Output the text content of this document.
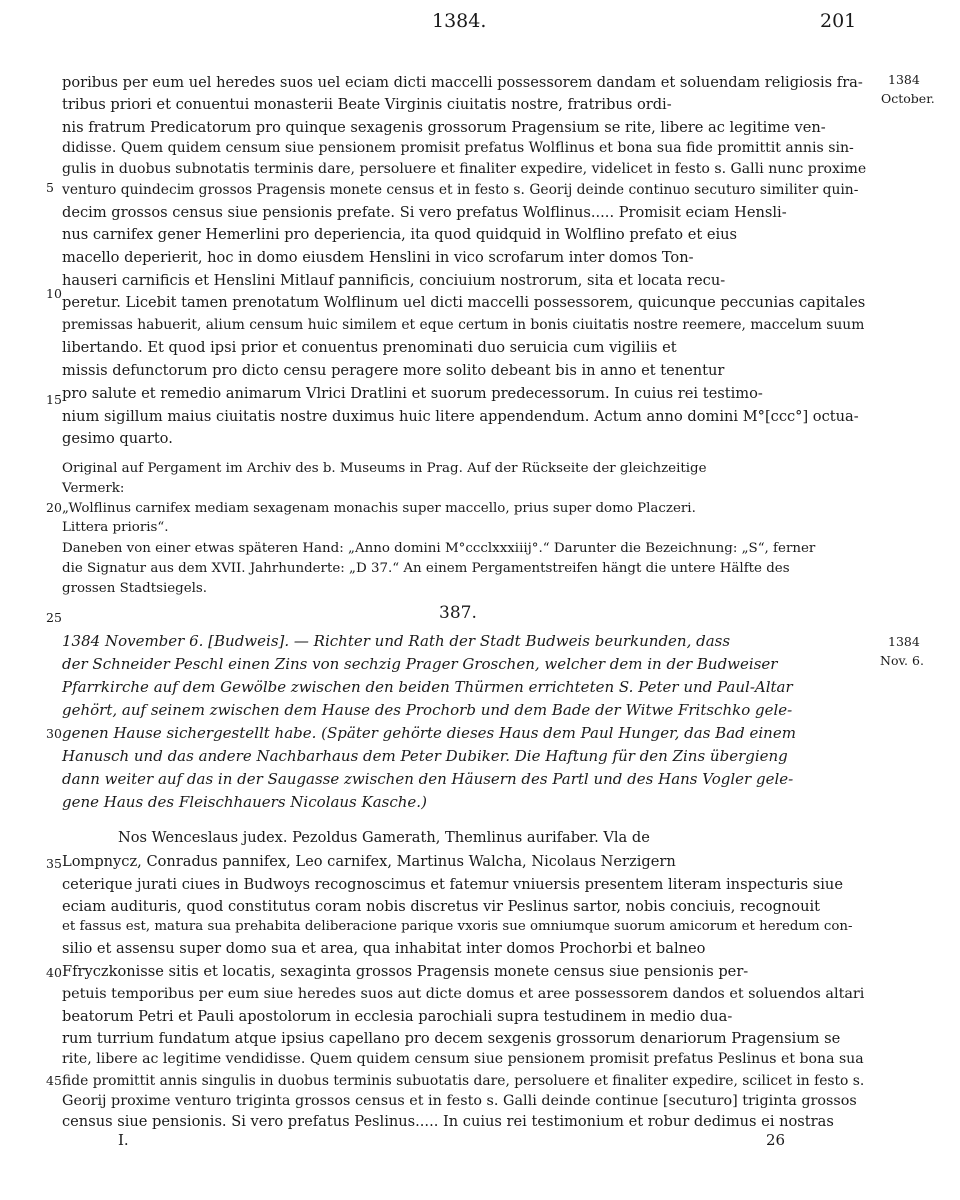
1384.	201
1384
October.
1384
Nov. 6.
5
10
15
20
25
30
35
40
45
poribus per eum uel heredes suos uel eciam dicti maccelli possessorem dandam et soluendam religiosis fra-
tribus priori et conuentui monasterii Beate Virginis ciuitatis nostre, fratribus ordi-
nis fratrum Predicatorum pro quinque sexagenis grossorum Pragensium se rite, libere ac legitime ven-
didisse. Quem quidem censum siue pensionem promisit prefatus Wolflinus et bona sua fide promittit annis sin-
gulis in duobus subnotatis terminis dare, persoluere et finaliter expedire, videlicet in festo s. Galli nunc proxime
venturo quindecim grossos Pragensis monete census et in festo s. Georij deinde continuo secuturo similiter quin-
decim grossos census siue pensionis prefate. Si vero prefatus Wolflinus..... Promisit eciam Hensli-
nus carnifex gener Hemerlini pro deperiencia, ita quod quidquid in Wolflino prefato et eius
macello deperierit, hoc in domo eiusdem Henslini in vico scrofarum inter domos Ton-
hauseri carnificis et Henslini Mitlauf pannificis, conciuium nostrorum, sita et locata recu-
peretur. Licebit tamen prenotatum Wolflinum uel dicti maccelli possessorem, quicunque peccunias capitales
premissas habuerit, alium censum huic similem et eque certum in bonis ciuitatis nostre reemere, maccelum suum
libertando. Et quod ipsi prior et conuentus prenominati duo seruicia cum vigiliis et
missis defunctorum pro dicto censu peragere more solito debeant bis in anno et tenentur
pro salute et remedio animarum Vlrici Dratlini et suorum predecessorum. In cuius rei testimo-
nium sigillum maius ciuitatis nostre duximus huic litere appendendum. Actum anno domini M°[ccc°] octua-
gesimo quarto.
Original auf Pergament im Archiv des b. Museums in Prag. Auf der Rückseite der gleichzeitige
Vermerk:
„Wolflinus carnifex mediam sexagenam monachis super maccello, prius super domo Placzeri.
Littera prioris“.
Daneben von einer etwas späteren Hand: „Anno domini M°ccclxxxiiij°.“ Darunter die Bezeichnung: „S“, ferner
die Signatur aus dem XVII. Jahrhunderte: „D 37.“ An einem Pergamentstreifen hängt die untere Hälfte des
grossen Stadtsiegels.
387.
1384 November 6. [Budweis]. — Richter und Rath der Stadt Budweis beurkunden, dass
der Schneider Peschl einen Zins von sechzig Prager Groschen, welcher dem in der Budweiser
Pfarrkirche auf dem Gewölbe zwischen den beiden Thürmen errichteten S. Peter und Paul-Altar
gehört, auf seinem zwischen dem Hause des Prochorb und dem Bade der Witwe Fritschko gele-
genen Hause sichergestellt habe. (Später gehörte dieses Haus dem Paul Hunger, das Bad einem
Hanusch und das andere Nachbarhaus dem Peter Dubiker. Die Haftung für den Zins übergieng
dann weiter auf das in der Saugasse zwischen den Häusern des Partl und des Hans Vogler gele-
gene Haus des Fleischhauers Nicolaus Kasche.)
Nos Wenceslaus judex. Pezoldus Gamerath, Themlinus aurifaber. Vla de
Lompnycz, Conradus pannifex, Leo carnifex, Martinus Walcha, Nicolaus Nerzigern
ceterique jurati ciues in Budwoys recognoscimus et fatemur vniuersis presentem literam inspecturis siue
eciam audituris, quod constitutus coram nobis discretus vir Peslinus sartor, nobis conciuis, recognouit
et fassus est, matura sua prehabita deliberacione parique vxoris sue omniumque suorum amicorum et heredum con-
silio et assensu super domo sua et area, qua inhabitat inter domos Prochorbi et balneo
Ffryczkonisse sitis et locatis, sexaginta grossos Pragensis monete census siue pensionis per-
petuis temporibus per eum siue heredes suos aut dicte domus et aree possessorem dandos et soluendos altari
beatorum Petri et Pauli apostolorum in ecclesia parochiali supra testudinem in medio dua-
rum turrium fundatum atque ipsius capellano pro decem sexgenis grossorum denariorum Pragensium se
rite, libere ac legitime vendidisse. Quem quidem censum siue pensionem promisit prefatus Peslinus et bona sua
fide promittit annis singulis in duobus terminis subuotatis dare, persoluere et finaliter expedire, scilicet in festo s.
Georij proxime venturo triginta grossos census et in festo s. Galli deinde continue [secuturo] triginta grossos
census siue pensionis. Si vero prefatus Peslinus..... In cuius rei testimonium et robur dedimus ei nostras
I.	26
